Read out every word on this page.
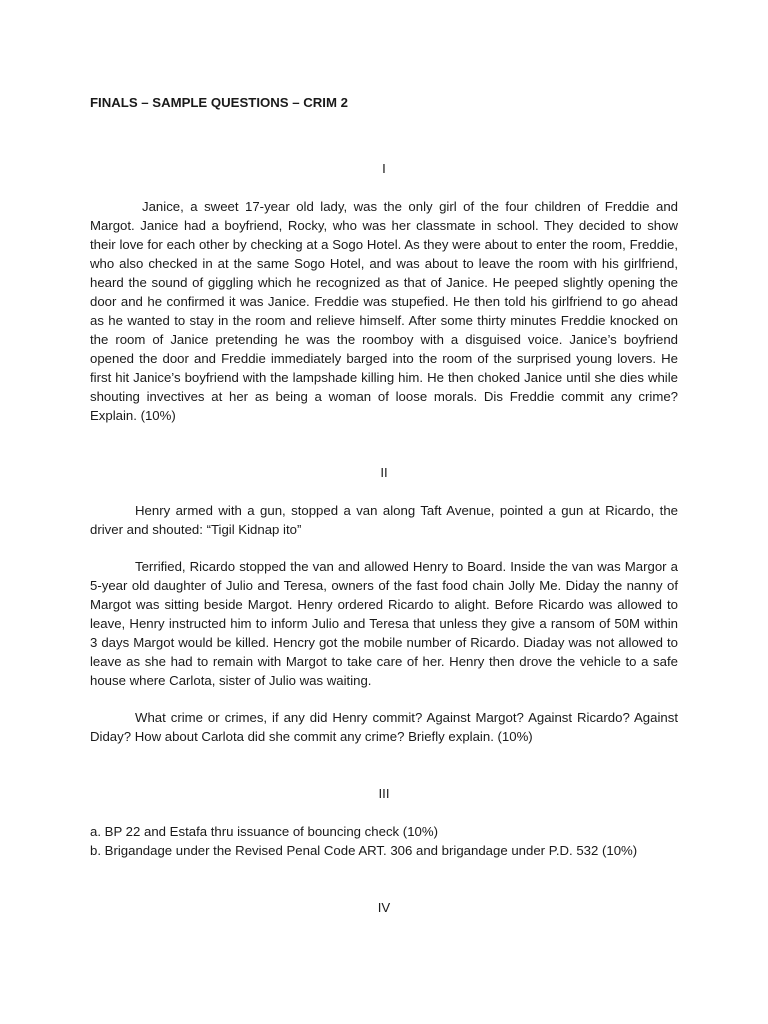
FINALS – SAMPLE QUESTIONS – CRIM 2

I

Janice, a sweet 17-year old lady, was the only girl of the four children of Freddie and Margot. Janice had a boyfriend, Rocky, who was her classmate in school. They decided to show their love for each other by checking at a Sogo Hotel. As they were about to enter the room, Freddie, who also checked in at the same Sogo Hotel, and was about to leave the room with his girlfriend, heard the sound of giggling which he recognized as that of Janice. He peeped slightly opening the door and he confirmed it was Janice. Freddie was stupefied. He then told his girlfriend to go ahead as he wanted to stay in the room and relieve himself. After some thirty minutes Freddie knocked on the room of Janice pretending he was the roomboy with a disguised voice. Janice’s boyfriend opened the door and Freddie immediately barged into the room of the surprised young lovers. He first hit Janice’s boyfriend with the lampshade killing him. He then choked Janice until she dies while shouting invectives at her as being a woman of loose morals. Dis Freddie commit any crime? Explain. (10%)

II

Henry armed with a gun, stopped a van along Taft Avenue, pointed a gun at Ricardo, the driver and shouted: “Tigil Kidnap ito”

Terrified, Ricardo stopped the van and allowed Henry to Board. Inside the van was Margor a 5-year old daughter of Julio and Teresa, owners of the fast food chain Jolly Me. Diday the nanny of Margot was sitting beside Margot. Henry ordered Ricardo to alight. Before Ricardo was allowed to leave, Henry instructed him to inform Julio and Teresa that unless they give a ransom of 50M within 3 days Margot would be killed. Hencry got the mobile number of Ricardo. Diaday was not allowed to leave as she had to remain with Margot to take care of her. Henry then drove the vehicle to a safe house where Carlota, sister of Julio was waiting.

What crime or crimes, if any did Henry commit? Against Margot? Against Ricardo? Against Diday? How about Carlota did she commit any crime? Briefly explain. (10%)

III

a. BP 22 and Estafa thru issuance of bouncing check (10%)

b. Brigandage under the Revised Penal Code ART. 306 and brigandage under P.D. 532 (10%)

IV
